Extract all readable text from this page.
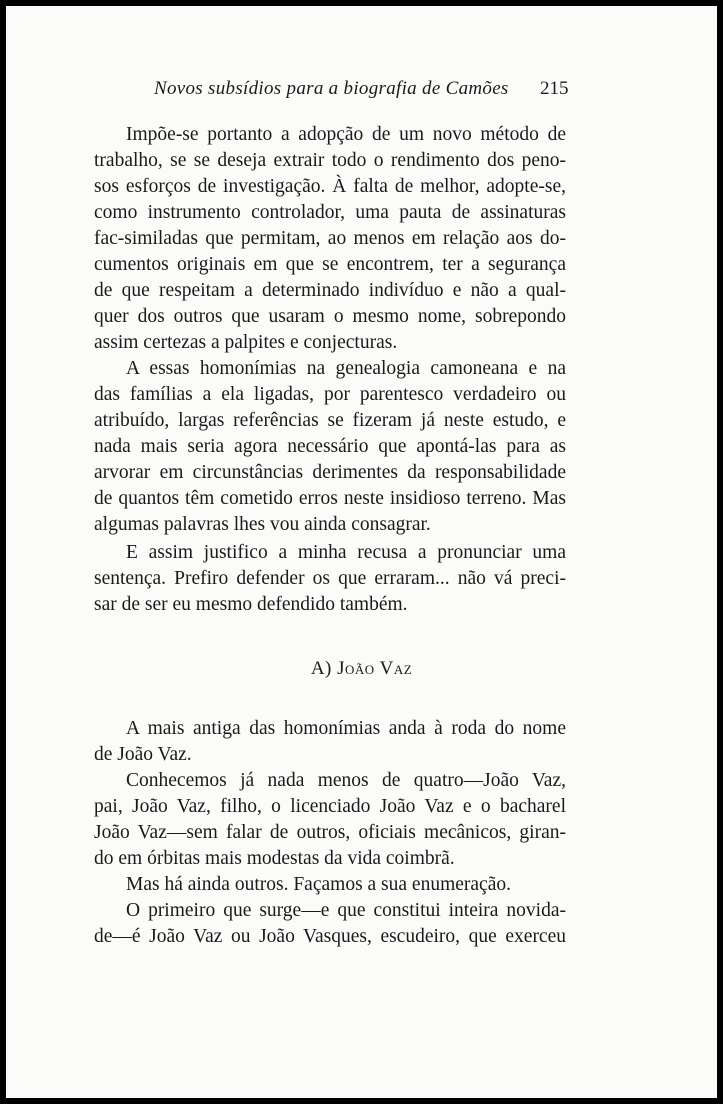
Novos subsídios para a biografia de Camões 215
Impõe-se portanto a adopção de um novo método de
trabalho, se se deseja extrair todo o rendimento dos peno-
sos esforços de investigação. À falta de melhor, adopte-se,
como instrumento controlador, uma pauta de assinaturas
fac-similadas que permitam, ao menos em relação aos do-
cumentos originais em que se encontrem, ter a segurança
de que respeitam a determinado indivíduo e não a qual-
quer dos outros que usaram o mesmo nome, sobrepondo
assim certezas a palpites e conjecturas.
A essas homonímias na genealogia camoneana e na
das famílias a ela ligadas, por parentesco verdadeiro ou
atribuído, largas referências se fizeram já neste estudo, e
nada mais seria agora necessário que apontá-las para as
arvorar em circunstâncias derimentes da responsabilidade
de quantos têm cometido erros neste insidioso terreno. Mas
algumas palavras lhes vou ainda consagrar.
E assim justifico a minha recusa a pronunciar uma
sentença. Prefiro defender os que erraram... não vá preci-
sar de ser eu mesmo defendido também.
A) João Vaz
A mais antiga das homonímias anda à roda do nome
de João Vaz.
Conhecemos já nada menos de quatro—João Vaz,
pai, João Vaz, filho, o licenciado João Vaz e o bacharel
João Vaz—sem falar de outros, oficiais mecânicos, giran-
do em órbitas mais modestas da vida coimbrã.
Mas há ainda outros. Façamos a sua enumeração.
O primeiro que surge—e que constitui inteira novida-
de—é João Vaz ou João Vasques, escudeiro, que exerceu
